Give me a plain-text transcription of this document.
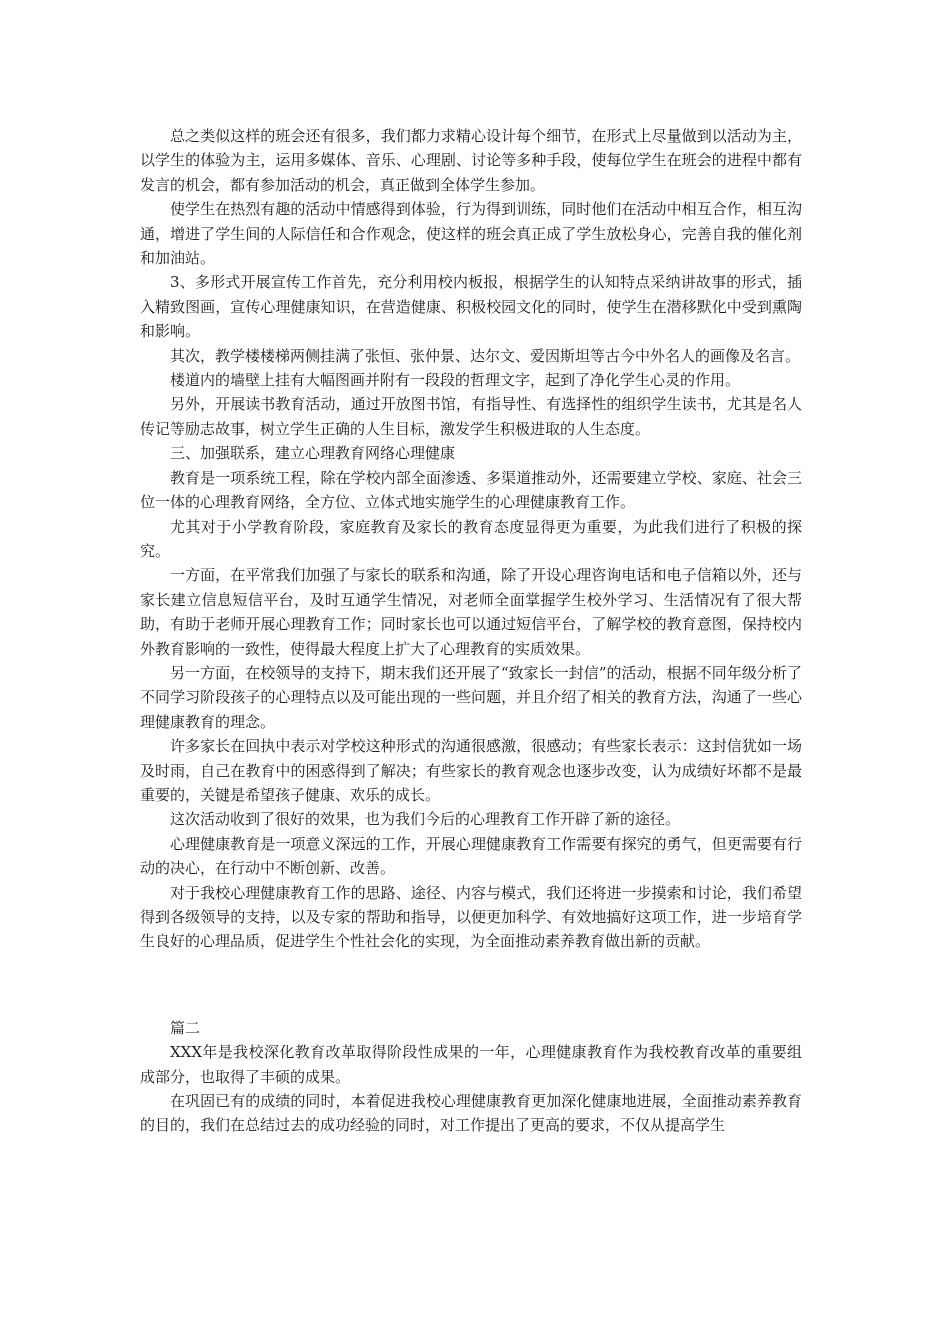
总之类似这样的班会还有很多，我们都力求精心设计每个细节，在形式上尽量做到以活动为主，以学生的体验为主，运用多媒体、音乐、心理剧、讨论等多种手段，使每位学生在班会的进程中都有发言的机会，都有参加活动的机会，真正做到全体学生参加。

使学生在热烈有趣的活动中情感得到体验，行为得到训练，同时他们在活动中相互合作，相互沟通，增进了学生间的人际信任和合作观念，使这样的班会真正成了学生放松身心，完善自我的催化剂和加油站。

3、多形式开展宣传工作首先，充分利用校内板报，根据学生的认知特点采纳讲故事的形式，插入精致图画，宣传心理健康知识，在营造健康、积极校园文化的同时，使学生在潜移默化中受到熏陶和影响。

其次，教学楼楼梯两侧挂满了张恒、张仲景、达尔文、爱因斯坦等古今中外名人的画像及名言。

楼道内的墙壁上挂有大幅图画并附有一段段的哲理文字，起到了净化学生心灵的作用。

另外，开展读书教育活动，通过开放图书馆，有指导性、有选择性的组织学生读书，尤其是名人传记等励志故事，树立学生正确的人生目标，激发学生积极进取的人生态度。

三、加强联系，建立心理教育网络心理健康

教育是一项系统工程，除在学校内部全面渗透、多渠道推动外，还需要建立学校、家庭、社会三位一体的心理教育网络，全方位、立体式地实施学生的心理健康教育工作。

尤其对于小学教育阶段，家庭教育及家长的教育态度显得更为重要，为此我们进行了积极的探究。

一方面，在平常我们加强了与家长的联系和沟通，除了开设心理咨询电话和电子信箱以外，还与家长建立信息短信平台，及时互通学生情况，对老师全面掌握学生校外学习、生活情况有了很大帮助，有助于老师开展心理教育工作；同时家长也可以通过短信平台，了解学校的教育意图，保持校内外教育影响的一致性，使得最大程度上扩大了心理教育的实质效果。

另一方面，在校领导的支持下，期末我们还开展了“致家长一封信”的活动，根据不同年级分析了不同学习阶段孩子的心理特点以及可能出现的一些问题，并且介绍了相关的教育方法，沟通了一些心理健康教育的理念。

许多家长在回执中表示对学校这种形式的沟通很感激，很感动；有些家长表示：这封信犹如一场及时雨，自己在教育中的困惑得到了解决；有些家长的教育观念也逐步改变，认为成绩好坏都不是最重要的，关键是希望孩子健康、欢乐的成长。

这次活动收到了很好的效果，也为我们今后的心理教育工作开辟了新的途径。

心理健康教育是一项意义深远的工作，开展心理健康教育工作需要有探究的勇气，但更需要有行动的决心，在行动中不断创新、改善。

对于我校心理健康教育工作的思路、途径、内容与模式，我们还将进一步摸索和讨论，我们希望得到各级领导的支持，以及专家的帮助和指导，以便更加科学、有效地搞好这项工作，进一步培育学生良好的心理品质，促进学生个性社会化的实现，为全面推动素养教育做出新的贡献。

篇二

XXX年是我校深化教育改革取得阶段性成果的一年，心理健康教育作为我校教育改革的重要组成部分，也取得了丰硕的成果。

在巩固已有的成绩的同时，本着促进我校心理健康教育更加深化健康地进展，全面推动素养教育的目的，我们在总结过去的成功经验的同时，对工作提出了更高的要求，不仅从提高学生
